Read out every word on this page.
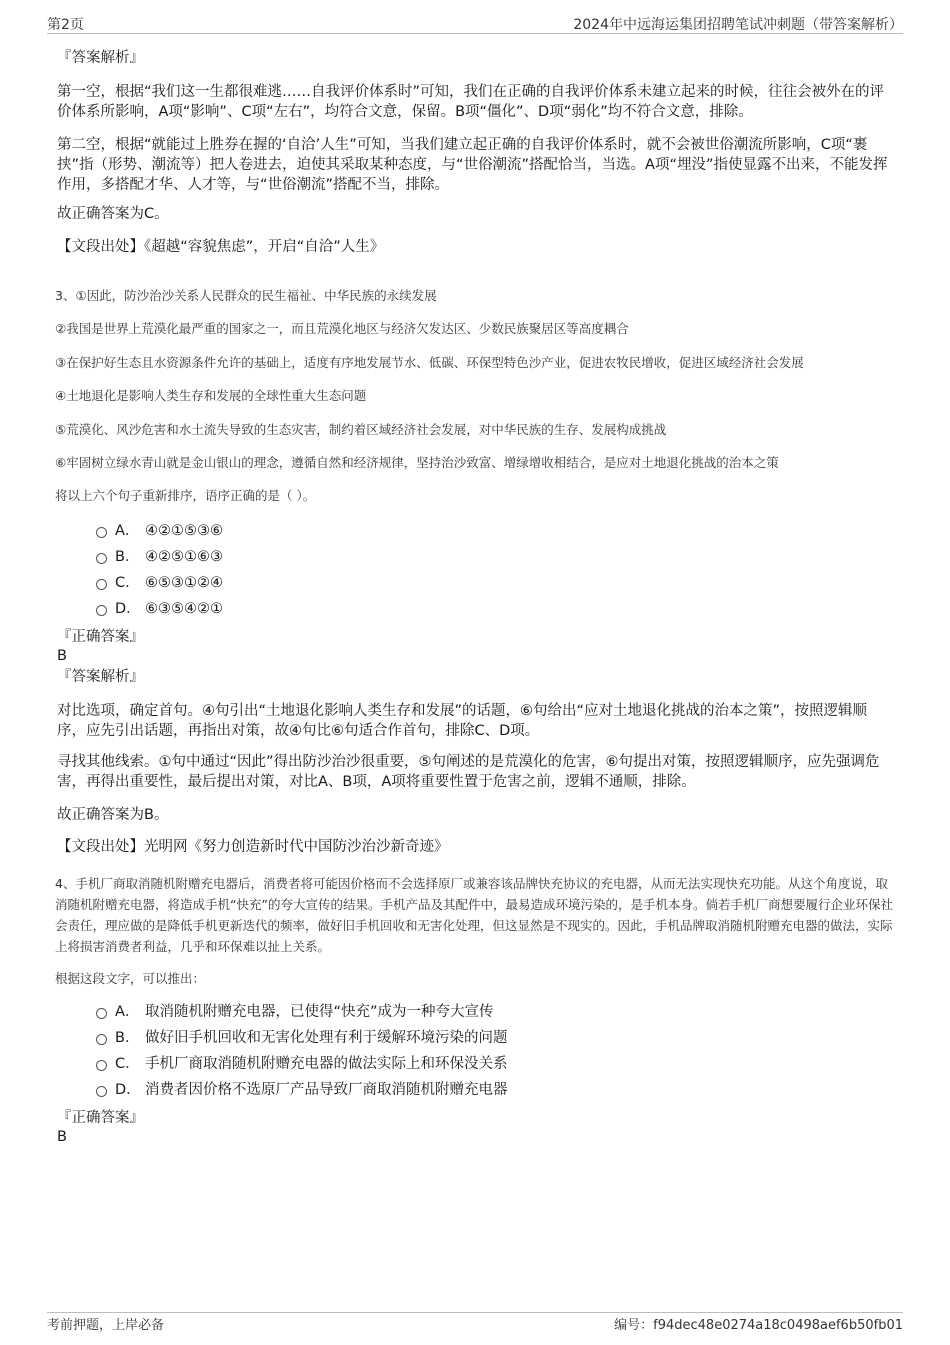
第2页	2024年中远海运集团招聘笔试冲刺题（带答案解析）
『答案解析』
第一空，根据“我们这一生都很难逃……自我评价体系时”可知，我们在正确的自我评价体系未建立起来的时候，往往会被外在的评价体系所影响，A项“影响”、C项“左右”，均符合文意，保留。B项“僵化”、D项“弱化”均不符合文意，排除。
第二空，根据“就能过上胜券在握的‘自洽’人生”可知，当我们建立起正确的自我评价体系时，就不会被世俗潮流所影响，C项“裹挟”指（形势、潮流等）把人卷进去，迫使其采取某种态度，与“世俗潮流”搭配恰当，当选。A项“埋没”指使显露不出来，不能发挥作用，多搭配才华、人才等，与“世俗潮流”搭配不当，排除。
故正确答案为C。
【文段出处】《超越“容貌焦虑”，开启“自洽”人生》
3、①因此，防沙治沙关系人民群众的民生福祉、中华民族的永续发展
②我国是世界上荒漠化最严重的国家之一，而且荒漠化地区与经济欠发达区、少数民族聚居区等高度耦合
③在保护好生态且水资源条件允许的基础上，适度有序地发展节水、低碳、环保型特色沙产业，促进农牧民增收，促进区域经济社会发展
④土地退化是影响人类生存和发展的全球性重大生态问题
⑤荒漠化、风沙危害和水土流失导致的生态灾害，制约着区域经济社会发展，对中华民族的生存、发展构成挑战
⑥牢固树立绿水青山就是金山银山的理念，遵循自然和经济规律，坚持治沙致富、增绿增收相结合，是应对土地退化挑战的治本之策
将以上六个句子重新排序，语序正确的是（ ）。
A． ④②①⑤③⑥
B． ④②⑤①⑥③
C． ⑥⑤③①②④
D． ⑥③⑤④②①
『正确答案』
B
『答案解析』
对比选项，确定首句。④句引出“土地退化影响人类生存和发展”的话题，⑥句给出“应对土地退化挑战的治本之策”，按照逻辑顺序，应先引出话题，再指出对策，故④句比⑥句适合作首句，排除C、D项。
寻找其他线索。①句中通过“因此”得出防沙治沙很重要，⑤句阐述的是荒漠化的危害，⑥句提出对策，按照逻辑顺序，应先强调危害，再得出重要性，最后提出对策，对比A、B项，A项将重要性置于危害之前，逻辑不通顺，排除。
故正确答案为B。
【文段出处】光明网《努力创造新时代中国防沙治沙新奇迹》
4、手机厂商取消随机附赠充电器后，消费者将可能因价格而不会选择原厂或兼容该品牌快充协议的充电器，从而无法实现快充功能。从这个角度说，取消随机附赠充电器，将造成手机“快充”的夸大宣传的结果。手机产品及其配件中，最易造成环境污染的，是手机本身。倘若手机厂商想要履行企业环保社会责任，理应做的是降低手机更新迭代的频率，做好旧手机回收和无害化处理，但这显然是不现实的。因此，手机品牌取消随机附赠充电器的做法，实际上将损害消费者利益，几乎和环保难以扯上关系。
根据这段文字，可以推出：
A． 取消随机附赠充电器，已使得“快充”成为一种夸大宣传
B． 做好旧手机回收和无害化处理有利于缓解环境污染的问题
C． 手机厂商取消随机附赠充电器的做法实际上和环保没关系
D． 消费者因价格不选原厂产品导致厂商取消随机附赠充电器
『正确答案』
B
考前押题，上岸必备	编号：f94dec48e0274a18c0498aef6b50fb01
